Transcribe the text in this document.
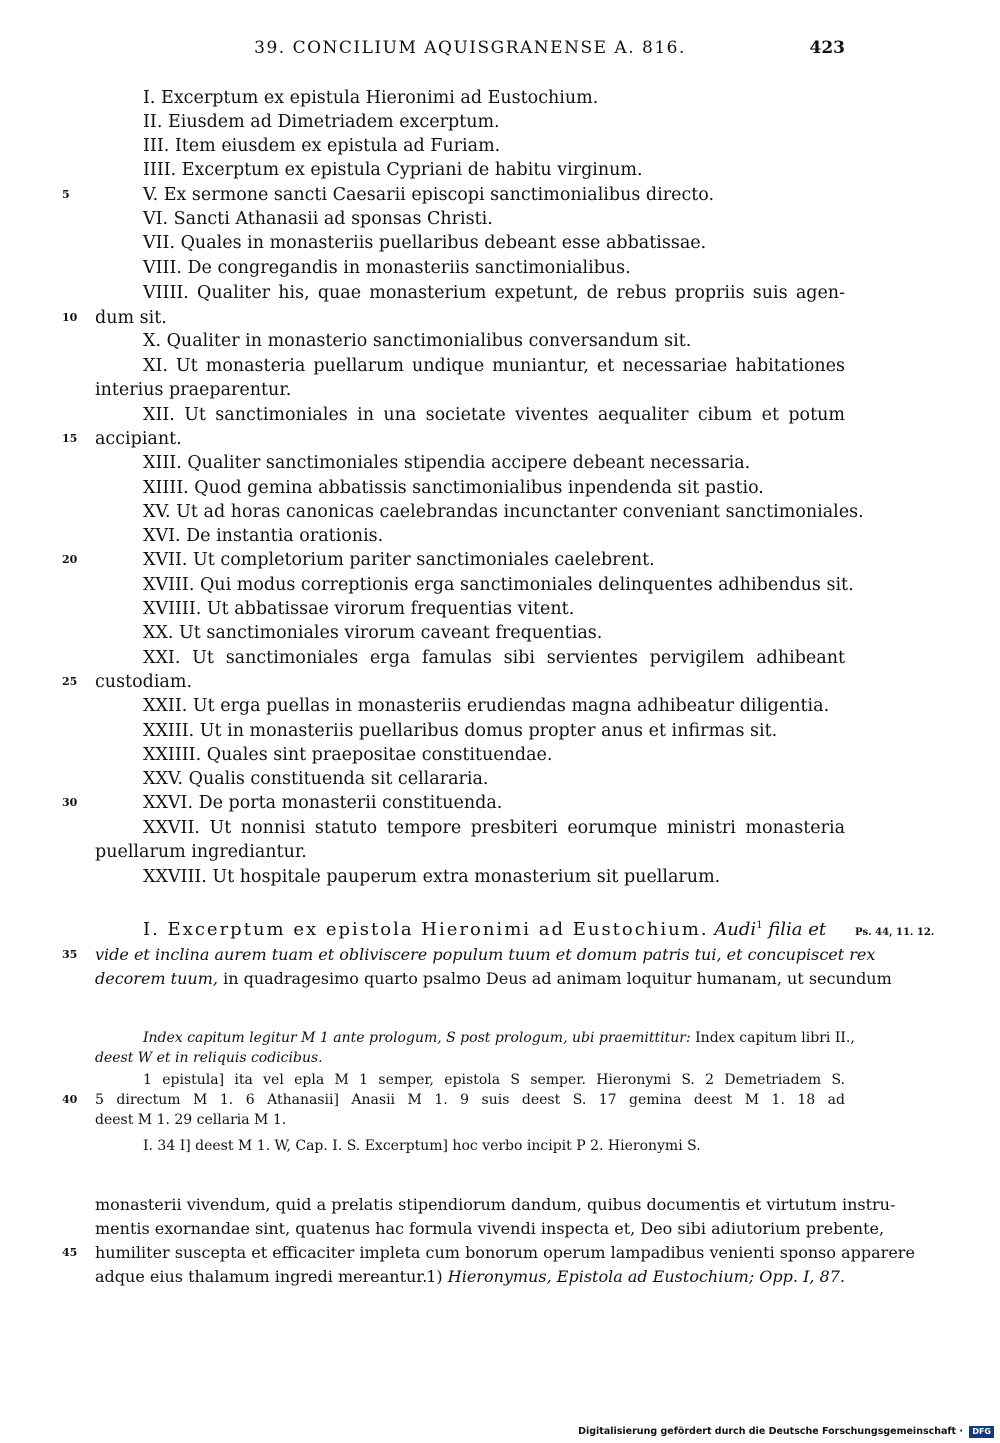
39. CONCILIUM AQUISGRANENSE A. 816.	423
I. Excerptum ex epistula Hieronimi ad Eustochium.
II. Eiusdem ad Dimetriadem excerptum.
III. Item eiusdem ex epistula ad Furiam.
IIII. Excerptum ex epistula Cypriani de habitu virginum.
5	V. Ex sermone sancti Caesarii episcopi sanctimonialibus directo.
VI. Sancti Athanasii ad sponsas Christi.
VII. Quales in monasteriis puellaribus debeant esse abbatissae.
VIII. De congregandis in monasteriis sanctimonialibus.
VIIII. Qualiter his, quae monasterium expetunt, de rebus propriis suis agen-
10	dum sit.
X. Qualiter in monasterio sanctimonialibus conversandum sit.
XI. Ut monasteria puellarum undique muniantur, et necessariae habitationes
interius praeparentur.
XII. Ut sanctimoniales in una societate viventes aequaliter cibum et potum
15	accipiant.
XIII. Qualiter sanctimoniales stipendia accipere debeant necessaria.
XIIII. Quod gemina abbatissis sanctimonialibus inpendenda sit pastio.
XV. Ut ad horas canonicas caelebrandas incunctanter conveniant sanctimoniales.
XVI. De instantia orationis.
20	XVII. Ut completorium pariter sanctimoniales caelebrent.
XVIII. Qui modus correptionis erga sanctimoniales delinquentes adhibendus sit.
XVIIII. Ut abbatissae virorum frequentias vitent.
XX. Ut sanctimoniales virorum caveant frequentias.
XXI. Ut sanctimoniales erga famulas sibi servientes pervigilem adhibeant
25	custodiam.
XXII. Ut erga puellas in monasteriis erudiendas magna adhibeatur diligentia.
XXIII. Ut in monasteriis puellaribus domus propter anus et infirmas sit.
XXIIII. Quales sint praepositae constituendae.
XXV. Qualis constituenda sit cellararia.
30	XXVI. De porta monasterii constituenda.
XXVII. Ut nonnisi statuto tempore presbiteri eorumque ministri monasteria
puellarum ingrediantur.
XXVIII. Ut hospitale pauperum extra monasterium sit puellarum.
I. Excerptum ex epistola Hieronimi ad Eustochium. Audi$^1$ filia et	Ps. 44, 11. 12.
35	vide et inclina aurem tuam et obliviscere populum tuum et domum patris tui, et concupiscet rex
decorem tuum, in quadragesimo quarto psalmo Deus ad animam loquitur humanam, ut secundum
Index capitum legitur M 1 ante prologum, S post prologum, ubi praemittitur: Index capitum libri II.,
deest W et in reliquis codicibus.
1 epistula] ita vel epla M 1 semper, epistola S semper. Hieronymi S. 2 Demetriadem S.
40	5 directum M 1. 6 Athanasii] Anasii M 1. 9 suis deest S. 17 gemina deest M 1. 18 ad
deest M 1. 29 cellaria M 1.
I. 34 I] deest M 1. W, Cap. I. S. Excerptum] hoc verbo incipit P 2. Hieronymi S.
monasterii vivendum, quid a prelatis stipendiorum dandum, quibus documentis et virtutum instru-
mentis exornandae sint, quatenus hac formula vivendi inspecta et, Deo sibi adiutorium prebente,
45	humiliter suscepta et efficaciter impleta cum bonorum operum lampadibus venienti sponso apparere
adque eius thalamum ingredi mereantur.
1) Hieronymus, Epistola ad Eustochium; Opp. I, 87.
Digitalisierung gefördert durch die Deutsche Forschungsgemeinschaft · DFG
